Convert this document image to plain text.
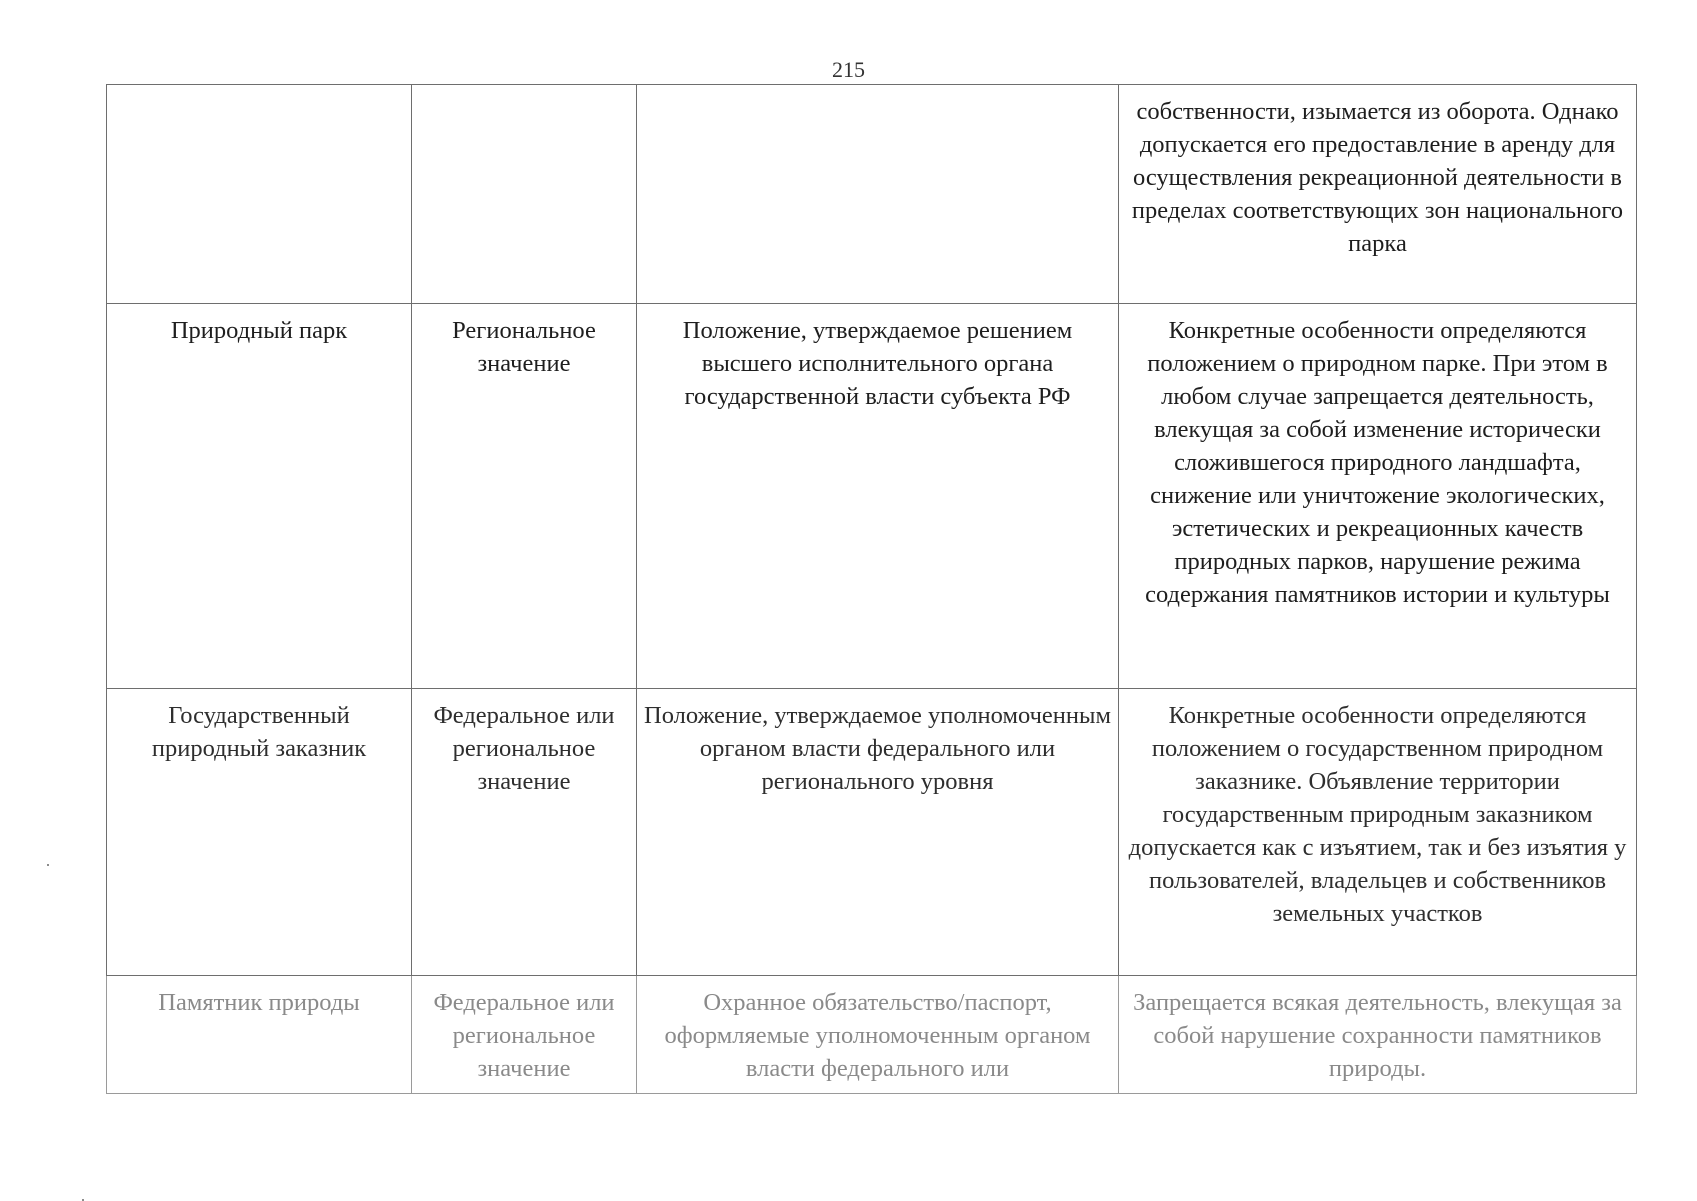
215
			собственности, изымается из оборота. Однако допускается его предоставление в аренду для осуществления рекреационной деятельности в пределах соответствующих зон национального парка
Природный парк	Региональное значение	Положение, утверждаемое решением высшего исполнительного органа государственной власти субъекта РФ	Конкретные особенности определяются положением о природном парке. При этом в любом случае запрещается деятельность, влекущая за собой изменение исторически сложившегося природного ландшафта, снижение или уничтожение экологических, эстетических и рекреационных качеств природных парков, нарушение режима содержания памятников истории и культуры
Государственный природный заказник	Федеральное или региональное значение	Положение, утверждаемое уполномоченным органом власти федерального или регионального уровня	Конкретные особенности определяются положением о государственном природном заказнике. Объявление территории государственным природным заказником допускается как с изъятием, так и без изъятия у пользователей, владельцев и собственников земельных участков
Памятник природы	Федеральное или региональное значение	Охранное обязательство/паспорт, оформляемые уполномоченным органом власти федерального или	Запрещается всякая деятельность, влекущая за собой нарушение сохранности памятников природы.
